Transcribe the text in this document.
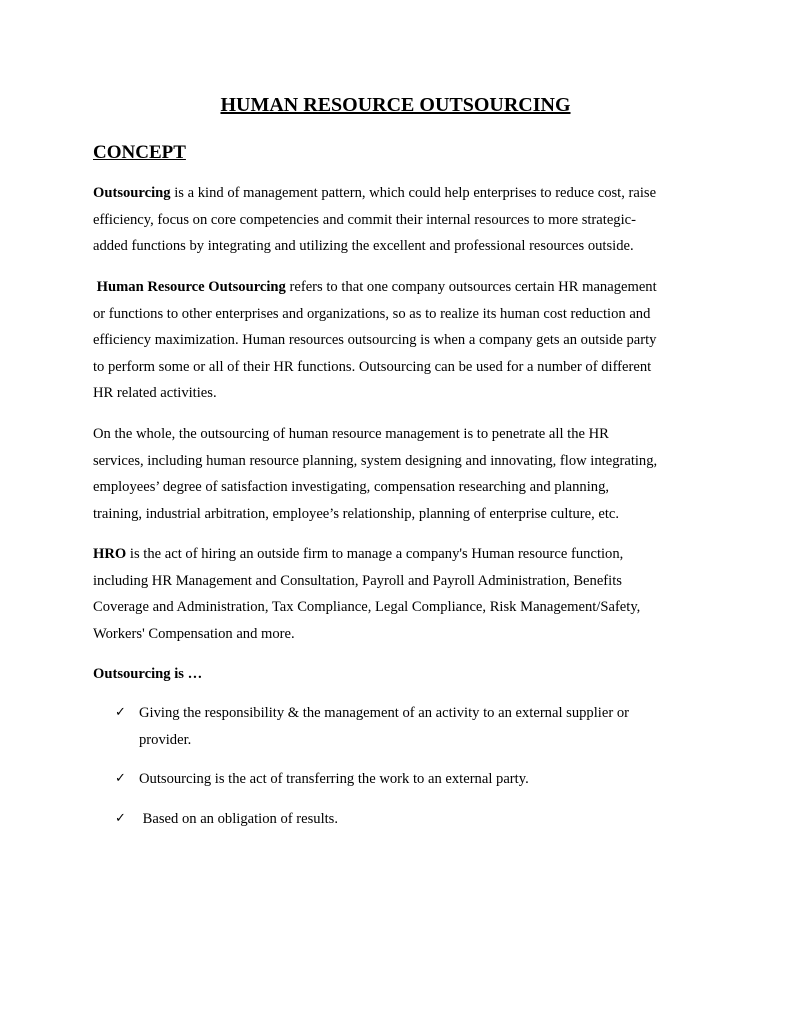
HUMAN RESOURCE OUTSOURCING
CONCEPT

Outsourcing is a kind of management pattern, which could help enterprises to reduce cost, raise
efficiency, focus on core competencies and commit their internal resources to more strategic-
added functions by integrating and utilizing the excellent and professional resources outside.

Human Resource Outsourcing refers to that one company outsources certain HR management
or functions to other enterprises and organizations, so as to realize its human cost reduction and
efficiency maximization. Human resources outsourcing is when a company gets an outside party
to perform some or all of their HR functions. Outsourcing can be used for a number of different
HR related activities.

On the whole, the outsourcing of human resource management is to penetrate all the HR
services, including human resource planning, system designing and innovating, flow integrating,
employees’ degree of satisfaction investigating, compensation researching and planning,
training, industrial arbitration, employee’s relationship, planning of enterprise culture, etc.

HRO is the act of hiring an outside firm to manage a company's Human resource function,
including HR Management and Consultation, Payroll and Payroll Administration, Benefits
Coverage and Administration, Tax Compliance, Legal Compliance, Risk Management/Safety,
Workers' Compensation and more.

Outsourcing is …

✓ Giving the responsibility & the management of an activity to an external supplier or
provider.
✓ Outsourcing is the act of transferring the work to an external party.
✓ Based on an obligation of results.
